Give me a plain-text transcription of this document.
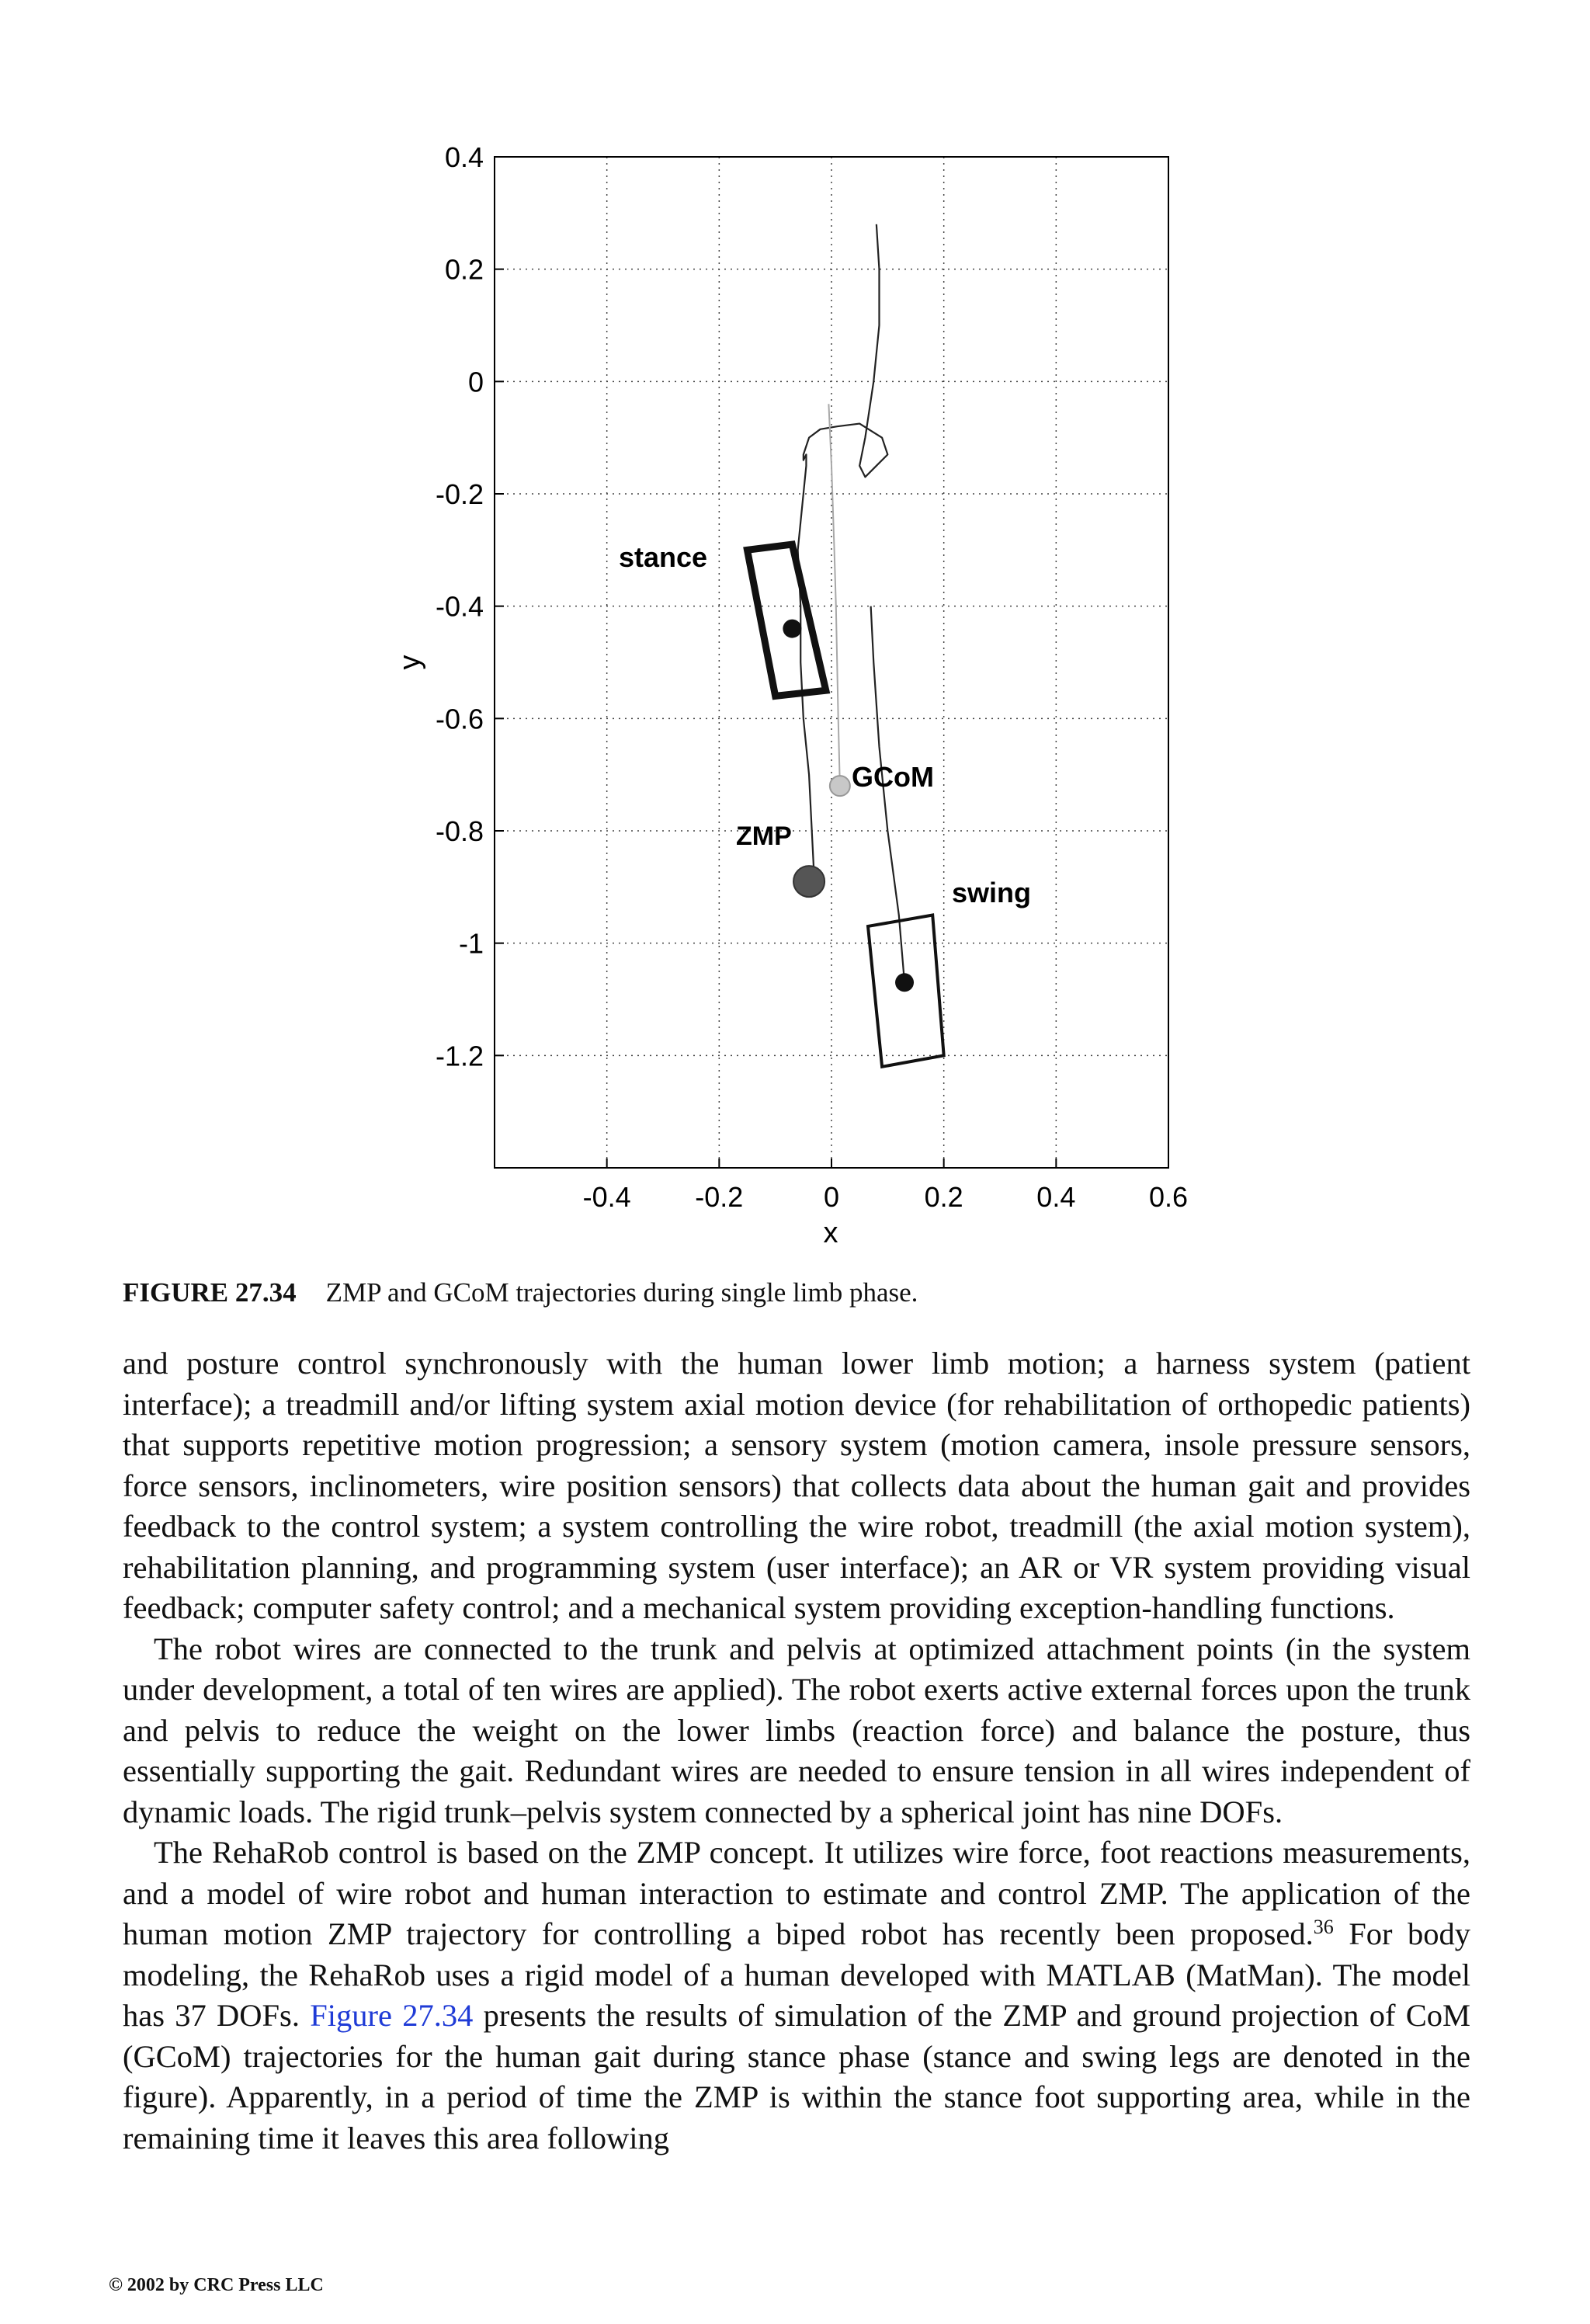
-0.4 -0.2	0	0.2	0.4	0.6
0.4
0.2
0
-0.2
-0.4
-0.6
-0.8
-1
-1.2
x
y
stance
swing
ZMP
GCoM
FIGURE 27.34 ZMP and GCoM trajectories during single limb phase.

and posture control synchronously with the human lower limb motion; a harness system (patient interface); a treadmill and/or lifting system axial motion device (for rehabilitation of orthopedic patients) that supports repetitive motion progression; a sensory system (motion camera, insole pressure sensors, force sensors, inclinometers, wire position sensors) that collects data about the human gait and provides feedback to the control system; a system controlling the wire robot, treadmill (the axial motion system), rehabilitation planning, and programming system (user interface); an AR or VR system providing visual feedback; computer safety control; and a mechanical system providing exception-handling functions.

The robot wires are connected to the trunk and pelvis at optimized attachment points (in the system under development, a total of ten wires are applied). The robot exerts active external forces upon the trunk and pelvis to reduce the weight on the lower limbs (reaction force) and balance the posture, thus essentially supporting the gait. Redundant wires are needed to ensure tension in all wires independent of dynamic loads. The rigid trunk–pelvis system connected by a spherical joint has nine DOFs.

The RehaRob control is based on the ZMP concept. It utilizes wire force, foot reactions measurements, and a model of wire robot and human interaction to estimate and control ZMP. The application of the human motion ZMP trajectory for controlling a biped robot has recently been proposed.$^{36}$ For body modeling, the RehaRob uses a rigid model of a human developed with MATLAB (MatMan). The model has 37 DOFs. Figure 27.34 presents the results of simulation of the ZMP and ground projection of CoM (GCoM) trajectories for the human gait during stance phase (stance and swing legs are denoted in the figure). Apparently, in a period of time the ZMP is within the stance foot supporting area, while in the remaining time it leaves this area following

© 2002 by CRC Press LLC
